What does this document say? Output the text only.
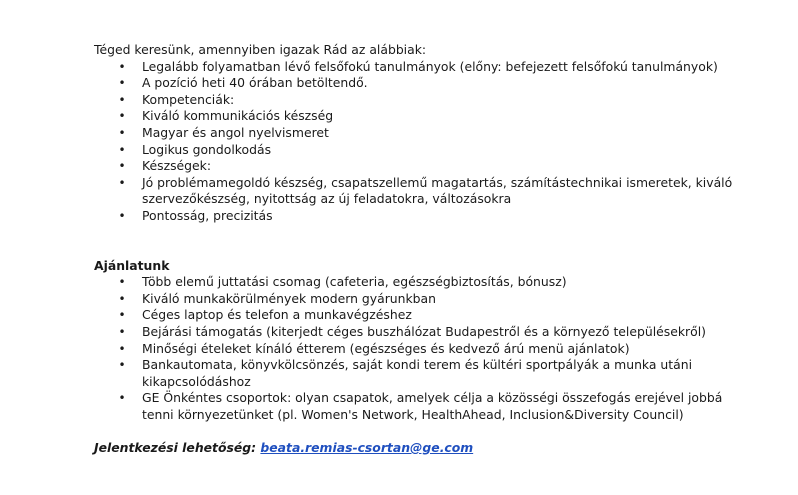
Téged keresünk, amennyiben igazak Rád az alábbiak:
• Legalább folyamatban lévő felsőfokú tanulmányok (előny: befejezett felsőfokú tanulmányok)
• A pozíció heti 40 órában betöltendő.
• Kompetenciák:
• Kiváló kommunikációs készség
• Magyar és angol nyelvismeret
• Logikus gondolkodás
• Készségek:
• Jó problémamegoldó készség, csapatszellemű magatartás, számítástechnikai ismeretek, kiváló szervezőkészség, nyitottság az új feladatokra, változásokra
• Pontosság, precizitás
Ajánlatunk
• Több elemű juttatási csomag (cafeteria, egészségbiztosítás, bónusz)
• Kiváló munkakörülmények modern gyárunkban
• Céges laptop és telefon a munkavégzéshez
• Bejárási támogatás (kiterjedt céges buszhálózat Budapestről és a környező településekről)
• Minőségi ételeket kínáló étterem (egészséges és kedvező árú menü ajánlatok)
• Bankautomata, könyvkölcsönzés, saját kondi terem és kültéri sportpályák a munka utáni kikapcsolódáshoz
• GE Önkéntes csoportok: olyan csapatok, amelyek célja a közösségi összefogás erejével jobbá tenni környezetünket (pl. Women's Network, HealthAhead, Inclusion&Diversity Council)
Jelentkezési lehetőség: beata.remias-csortan@ge.com
